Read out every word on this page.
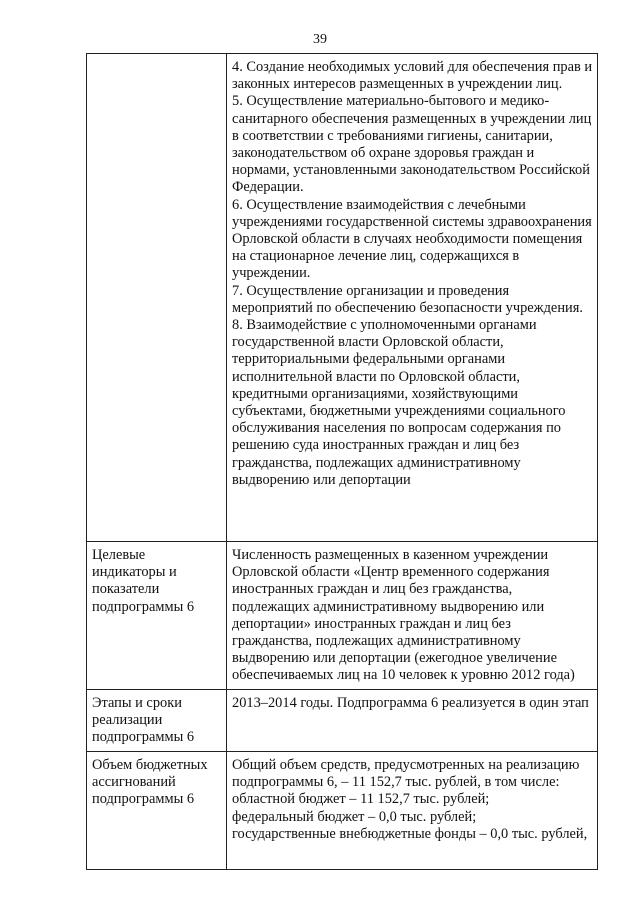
39

	4. Создание необходимых условий для обеспечения прав и законных интересов размещенных в учреждении лиц.

5. Осуществление материально-бытового и медико-санитарного обеспечения размещенных в учреждении лиц в соответствии с требованиями гигиены, санитарии, законодательством об охране здоровья граждан и нормами, установленными законодательством Российской Федерации.

6. Осуществление взаимодействия с лечебными учреждениями государственной системы здравоохранения Орловской области в случаях необходимости помещения на стационарное лечение лиц, содержащихся в учреждении.

7. Осуществление организации и проведения мероприятий по обеспечению безопасности учреждения.

8. Взаимодействие с уполномоченными органами государственной власти Орловской области, территориальными федеральными органами исполнительной власти по Орловской области, кредитными организациями, хозяйствующими субъектами, бюджетными учреждениями социального обслуживания населения по вопросам содержания по решению суда иностранных граждан и лиц без гражданства, подлежащих административному выдворению или депортации

Целевые индикаторы и показатели подпрограммы 6	Численность размещенных в казенном учреждении Орловской области «Центр временного содержания иностранных граждан и лиц без гражданства, подлежащих административному выдворению или депортации» иностранных граждан и лиц без гражданства, подлежащих административному выдворению или депортации (ежегодное увеличение обеспечиваемых лиц на 10 человек к уровню 2012 года)

Этапы и сроки реализации подпрограммы 6	2013–2014 годы. Подпрограмма 6 реализуется в один этап

Объем бюджетных ассигнований подпрограммы 6	Общий объем средств, предусмотренных на реализацию подпрограммы 6, – 11 152,7 тыс. рублей, в том числе:

областной бюджет – 11 152,7 тыс. рублей;

федеральный бюджет – 0,0 тыс. рублей;

государственные внебюджетные фонды – 0,0 тыс. рублей,
